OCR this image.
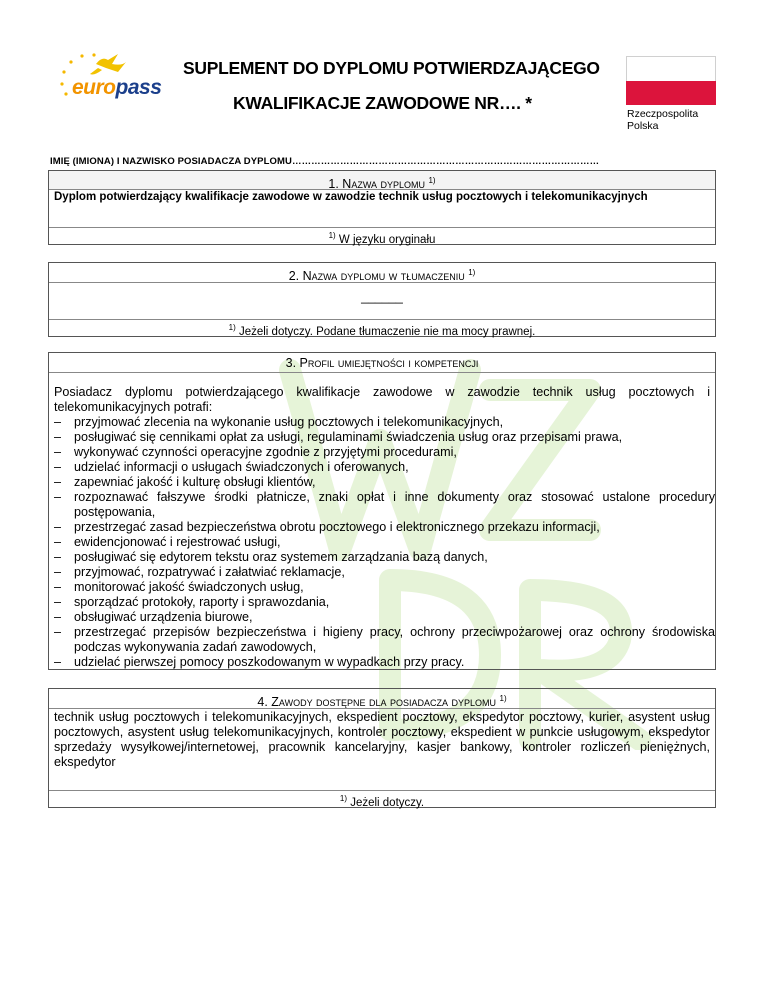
europass
SUPLEMENT DO DYPLOMU POTWIERDZAJĄCEGO
KWALIFIKACJE ZAWODOWE NR…. *
Rzeczpospolita
Polska
IMIĘ (IMIONA) I NAZWISKO POSIADACZA DYPLOMU……………………………………………………………………………………
1. Nazwa dyplomu $^{1)}$
Dyplom potwierdzający kwalifikacje zawodowe w zawodzie technik usług pocztowych i telekomunikacyjnych
$^{1)}$ W języku oryginału
2. Nazwa dyplomu w tłumaczeniu $^{1)}$
______
$^{1)}$ Jeżeli dotyczy. Podane tłumaczenie nie ma mocy prawnej.
3. Profil umiejętności i kompetencji
Posiadacz dyplomu potwierdzającego kwalifikacje zawodowe w zawodzie technik usług pocztowych i telekomunikacyjnych potrafi:
– przyjmować zlecenia na wykonanie usług pocztowych i telekomunikacyjnych,
– posługiwać się cennikami opłat za usługi, regulaminami świadczenia usług oraz przepisami prawa,
– wykonywać czynności operacyjne zgodnie z przyjętymi procedurami,
– udzielać informacji o usługach świadczonych i oferowanych,
– zapewniać jakość i kulturę obsługi klientów,
– rozpoznawać fałszywe środki płatnicze, znaki opłat i inne dokumenty oraz stosować ustalone procedury postępowania,
– przestrzegać zasad bezpieczeństwa obrotu pocztowego i elektronicznego przekazu informacji,
– ewidencjonować i rejestrować usługi,
– posługiwać się edytorem tekstu oraz systemem zarządzania bazą danych,
– przyjmować, rozpatrywać i załatwiać reklamacje,
– monitorować jakość świadczonych usług,
– sporządzać protokoły, raporty i sprawozdania,
– obsługiwać urządzenia biurowe,
– przestrzegać przepisów bezpieczeństwa i higieny pracy, ochrony przeciwpożarowej oraz ochrony środowiska podczas wykonywania zadań zawodowych,
– udzielać pierwszej pomocy poszkodowanym w wypadkach przy pracy.
4. Zawody dostępne dla posiadacza dyplomu $^{1)}$
technik usług pocztowych i telekomunikacyjnych, ekspedient pocztowy, ekspedytor pocztowy, kurier, asystent usług pocztowych, asystent usług telekomunikacyjnych, kontroler pocztowy, ekspedient w punkcie usługowym, ekspedytor sprzedaży wysyłkowej/internetowej, pracownik kancelaryjny, kasjer bankowy, kontroler rozliczeń pieniężnych, ekspedytor
$^{1)}$ Jeżeli dotyczy.
